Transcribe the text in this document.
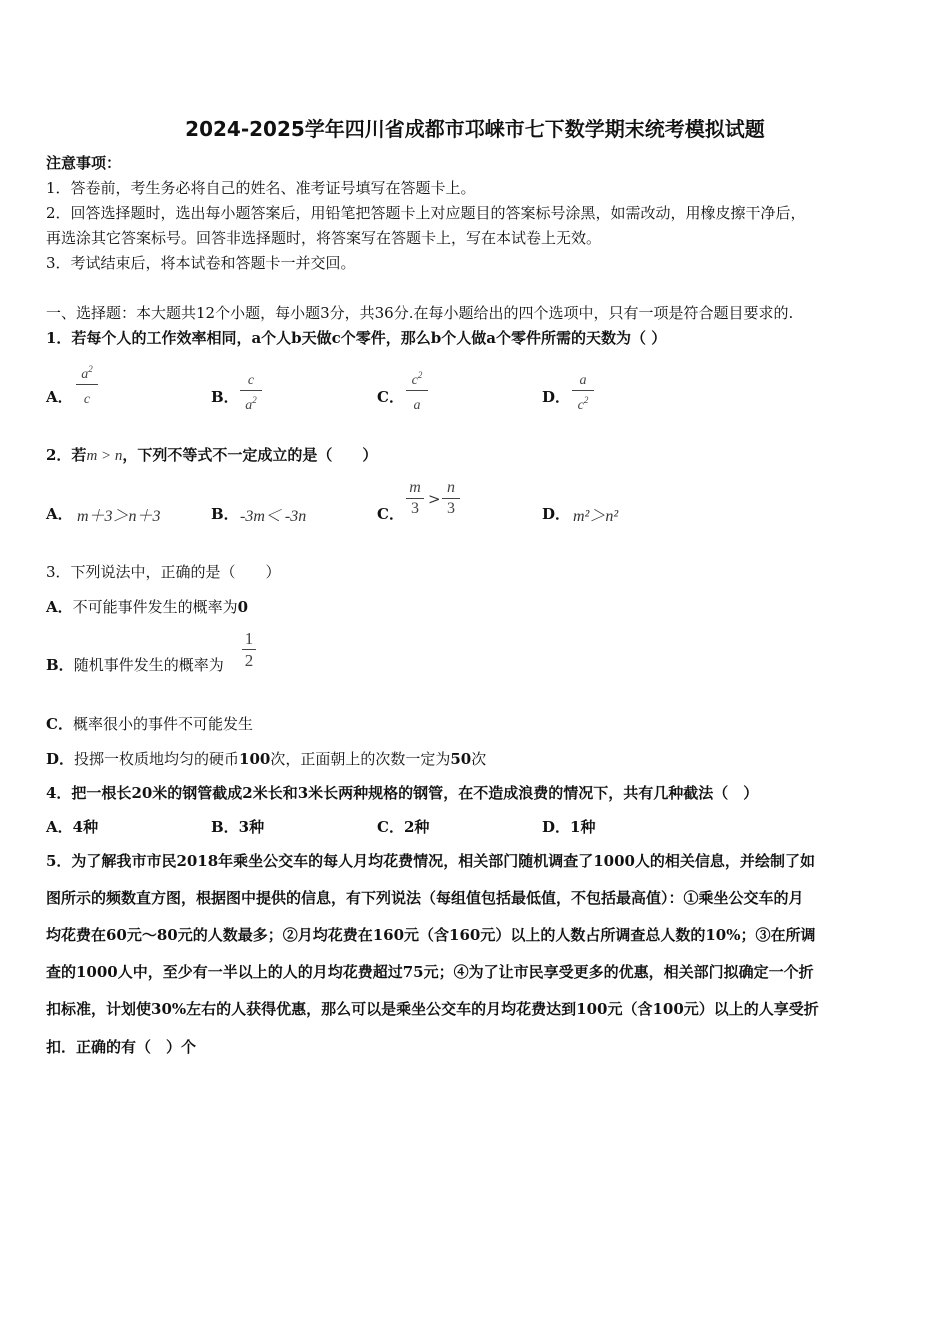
2024-2025学年四川省成都市邛崃市七下数学期末统考模拟试题
注意事项：
1．答卷前，考生务必将自己的姓名、准考证号填写在答题卡上。
2．回答选择题时，选出每小题答案后，用铅笔把答题卡上对应题目的答案标号涂黑，如需改动，用橡皮擦干净后，
再选涂其它答案标号。回答非选择题时，将答案写在答题卡上，写在本试卷上无效。
3．考试结束后，将本试卷和答题卡一并交回。
一、选择题：本大题共12个小题，每小题3分，共36分.在每小题给出的四个选项中，只有一项是符合题目要求的.
1．若每个人的工作效率相同，a个人b天做c个零件，那么b个人做a个零件所需的天数为（ ）
A．
$a^2$
c	B．
c
$a^2$	C．
$c^2$
a	D．
a
$c^2$
2．若m > n，下列不等式不一定成立的是（　　）
A． m＋3＞n＋3	B． -3m＜ -3n	C．
m
3
>
n
3	D． m²＞n²
3．下列说法中，正确的是（　　）
A．不可能事件发生的概率为0
B．随机事件发生的概率为
1
2
C．概率很小的事件不可能发生
D．投掷一枚质地均匀的硬币100次，正面朝上的次数一定为50次
4．把一根长20米的钢管截成2米长和3米长两种规格的钢管，在不造成浪费的情况下，共有几种截法（　）
A．4种	B．3种	C．2种	D．1种
5．为了解我市市民2018年乘坐公交车的每人月均花费情况，相关部门随机调查了1000人的相关信息，并绘制了如
图所示的频数直方图，根据图中提供的信息，有下列说法（每组值包括最低值，不包括最高值）：①乘坐公交车的月
均花费在60元～80元的人数最多；②月均花费在160元（含160元）以上的人数占所调查总人数的10%；③在所调
查的1000人中，至少有一半以上的人的月均花费超过75元；④为了让市民享受更多的优惠，相关部门拟确定一个折
扣标准，计划使30%左右的人获得优惠，那么可以是乘坐公交车的月均花费达到100元（含100元）以上的人享受折
扣．正确的有（　）个
